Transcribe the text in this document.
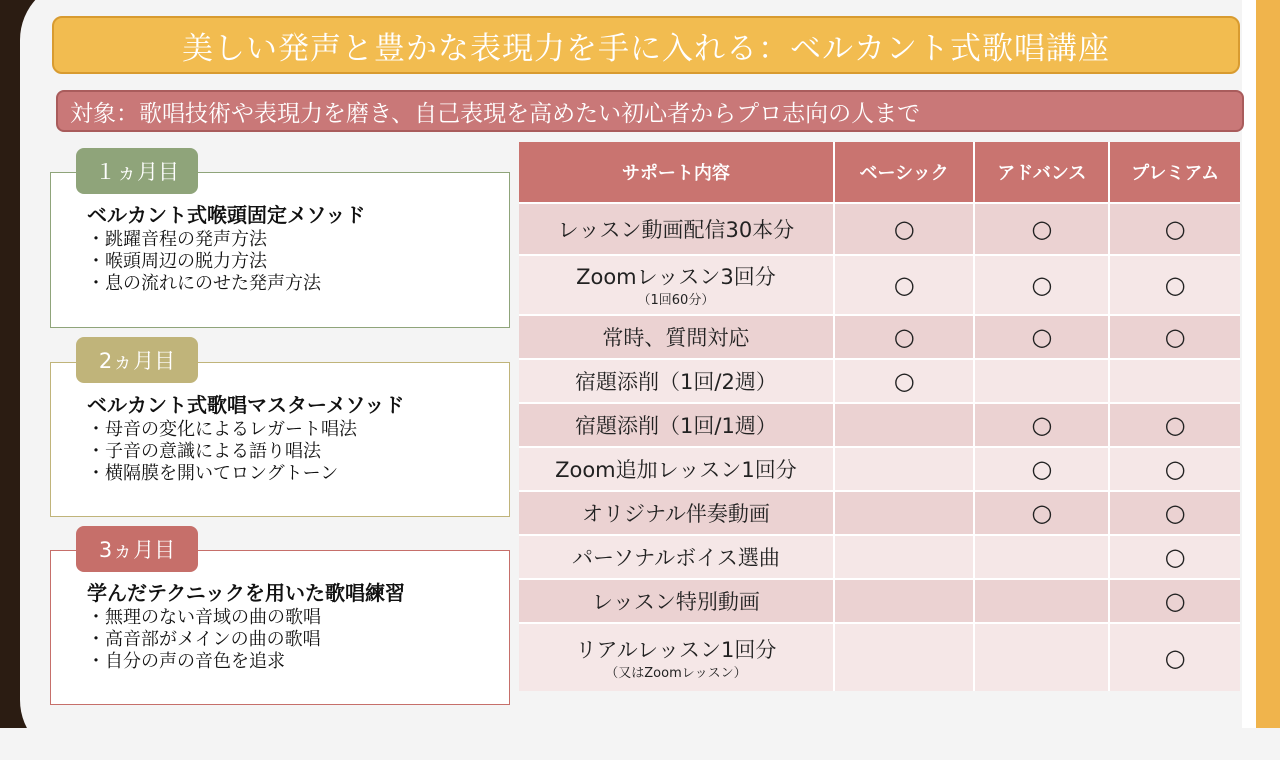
美しい発声と豊かな表現力を手に入れる：ベルカント式歌唱講座
対象：歌唱技術や表現力を磨き、自己表現を高めたい初心者からプロ志向の人まで
ベルカント式喉頭固定メソッド
・跳躍音程の発声方法
・喉頭周辺の脱力方法
・息の流れにのせた発声方法
１ヵ月目
ベルカント式歌唱マスターメソッド
・母音の変化によるレガート唱法
・子音の意識による語り唱法
・横隔膜を開いてロングトーン
2ヵ月目
学んだテクニックを用いた歌唱練習
・無理のない音域の曲の歌唱
・高音部がメインの曲の歌唱
・自分の声の音色を追求
3ヵ月目
サポート内容	ベーシック	アドバンス	プレミアム
レッスン動画配信30本分	○	○	○
Zoomレッスン3回分
（1回60分）	○	○	○
常時、質問対応	○	○	○
宿題添削（1回/2週）	○		
宿題添削（1回/1週）		○	○
Zoom追加レッスン1回分		○	○
オリジナル伴奏動画		○	○
パーソナルボイス選曲			○
レッスン特別動画			○
リアルレッスン1回分
（又はZoomレッスン）			○
